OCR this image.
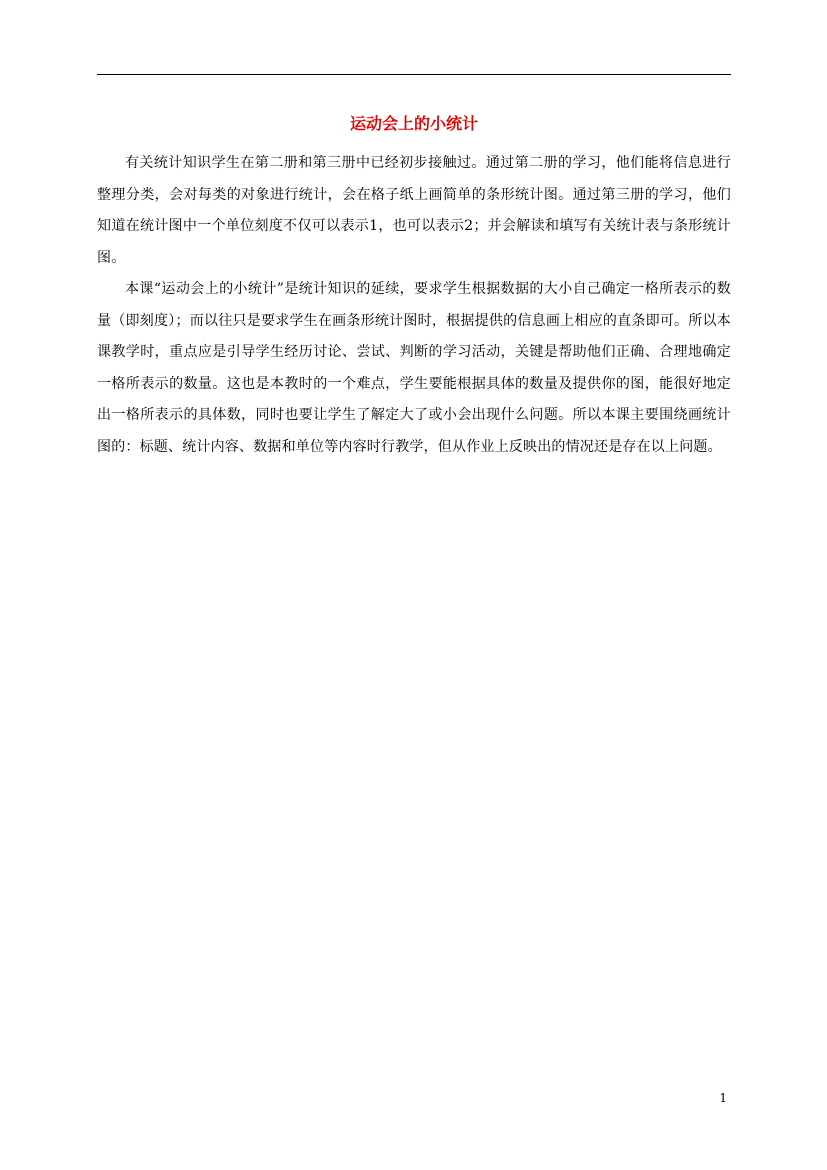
运动会上的小统计

有关统计知识学生在第二册和第三册中已经初步接触过。通过第二册的学习，他们能将信息进行整理分类，会对每类的对象进行统计，会在格子纸上画简单的条形统计图。通过第三册的学习，他们知道在统计图中一个单位刻度不仅可以表示1，也可以表示2；并会解读和填写有关统计表与条形统计图。

本课“运动会上的小统计”是统计知识的延续，要求学生根据数据的大小自己确定一格所表示的数量（即刻度）；而以往只是要求学生在画条形统计图时，根据提供的信息画上相应的直条即可。所以本课教学时，重点应是引导学生经历讨论、尝试、判断的学习活动，关键是帮助他们正确、合理地确定一格所表示的数量。这也是本教时的一个难点，学生要能根据具体的数量及提供你的图，能很好地定出一格所表示的具体数，同时也要让学生了解定大了或小会出现什么问题。所以本课主要围绕画统计图的：标题、统计内容、数据和单位等内容时行教学，但从作业上反映出的情况还是存在以上问题。

1
